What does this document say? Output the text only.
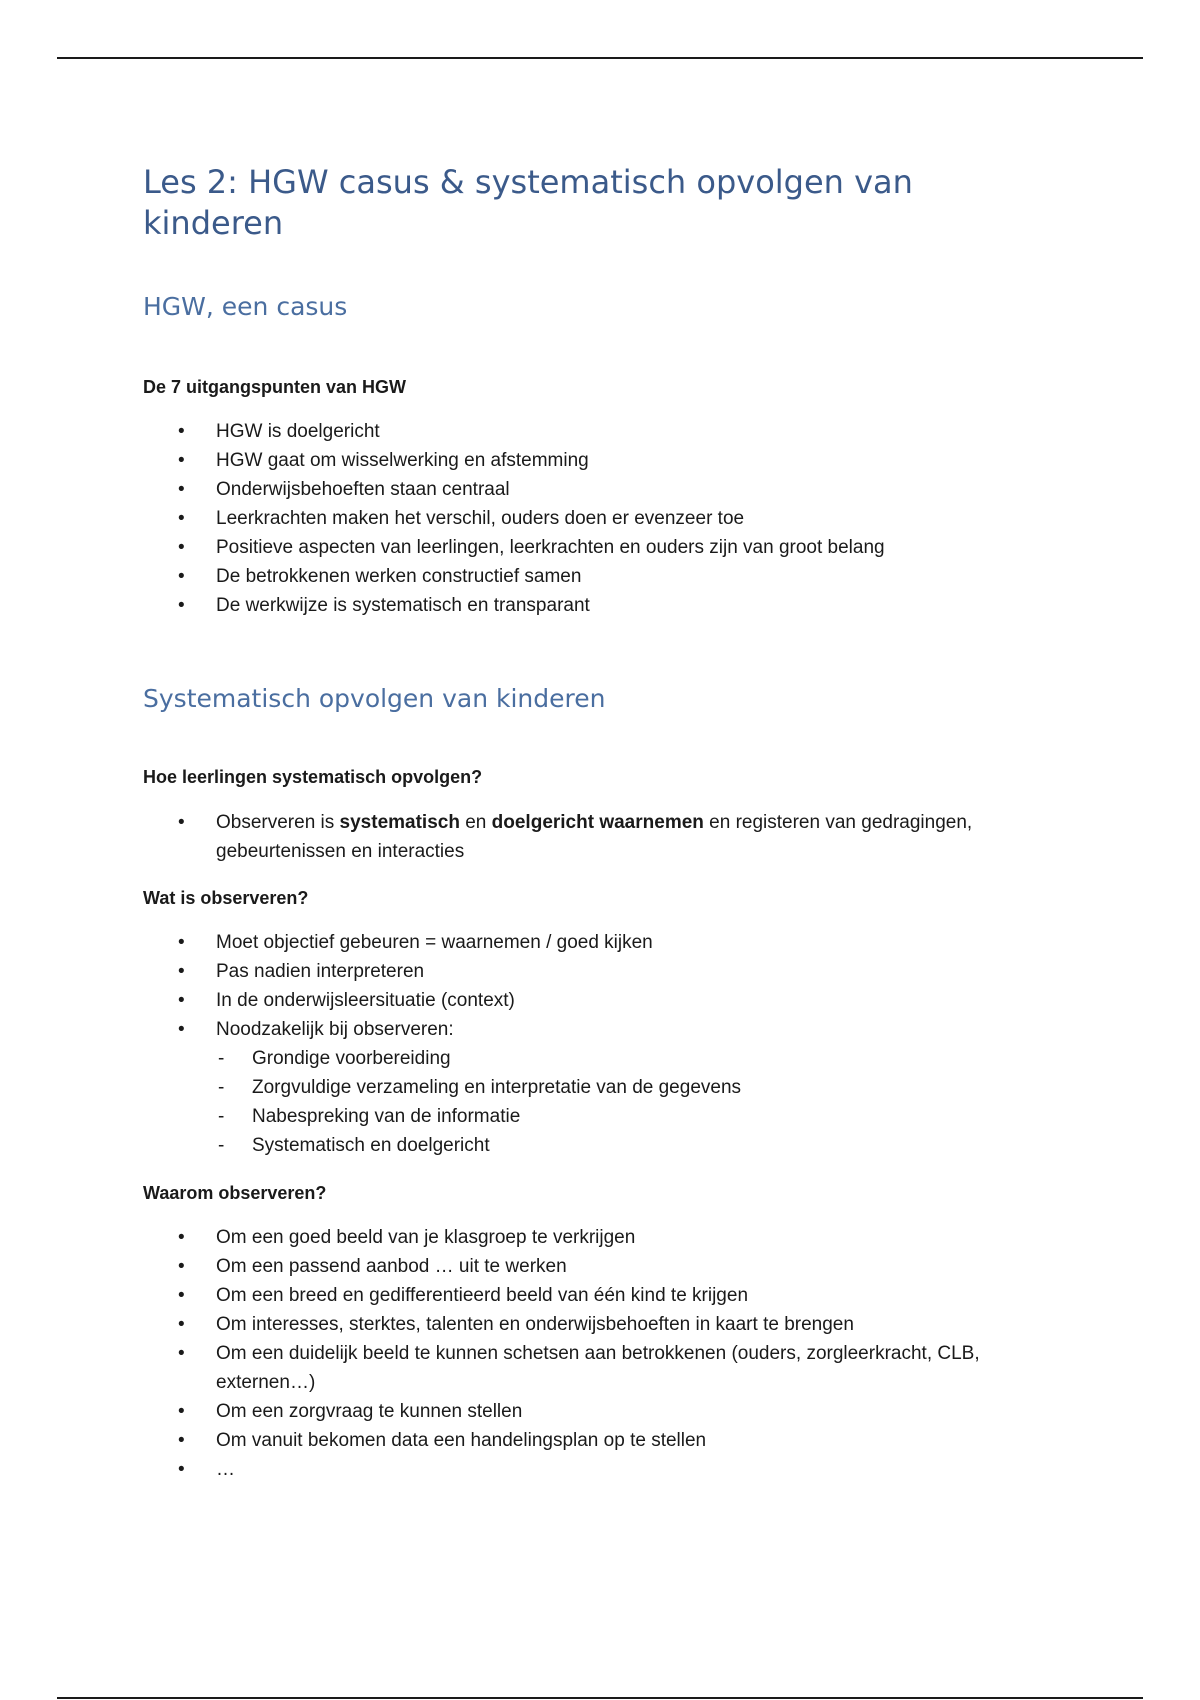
Les 2: HGW casus & systematisch opvolgen van kinderen
HGW, een casus
De 7 uitgangspunten van HGW
• HGW is doelgericht
• HGW gaat om wisselwerking en afstemming
• Onderwijsbehoeften staan centraal
• Leerkrachten maken het verschil, ouders doen er evenzeer toe
• Positieve aspecten van leerlingen, leerkrachten en ouders zijn van groot belang
• De betrokkenen werken constructief samen
• De werkwijze is systematisch en transparant
Systematisch opvolgen van kinderen
Hoe leerlingen systematisch opvolgen?
• Observeren is systematisch en doelgericht waarnemen en registeren van gedragingen, gebeurtenissen en interacties
Wat is observeren?
• Moet objectief gebeuren = waarnemen / goed kijken
• Pas nadien interpreteren
• In de onderwijsleersituatie (context)
• Noodzakelijk bij observeren:
- Grondige voorbereiding
- Zorgvuldige verzameling en interpretatie van de gegevens
- Nabespreking van de informatie
- Systematisch en doelgericht
Waarom observeren?
• Om een goed beeld van je klasgroep te verkrijgen
• Om een passend aanbod … uit te werken
• Om een breed en gedifferentieerd beeld van één kind te krijgen
• Om interesses, sterktes, talenten en onderwijsbehoeften in kaart te brengen
• Om een duidelijk beeld te kunnen schetsen aan betrokkenen (ouders, zorgleerkracht, CLB, externen…)
• Om een zorgvraag te kunnen stellen
• Om vanuit bekomen data een handelingsplan op te stellen
• …
